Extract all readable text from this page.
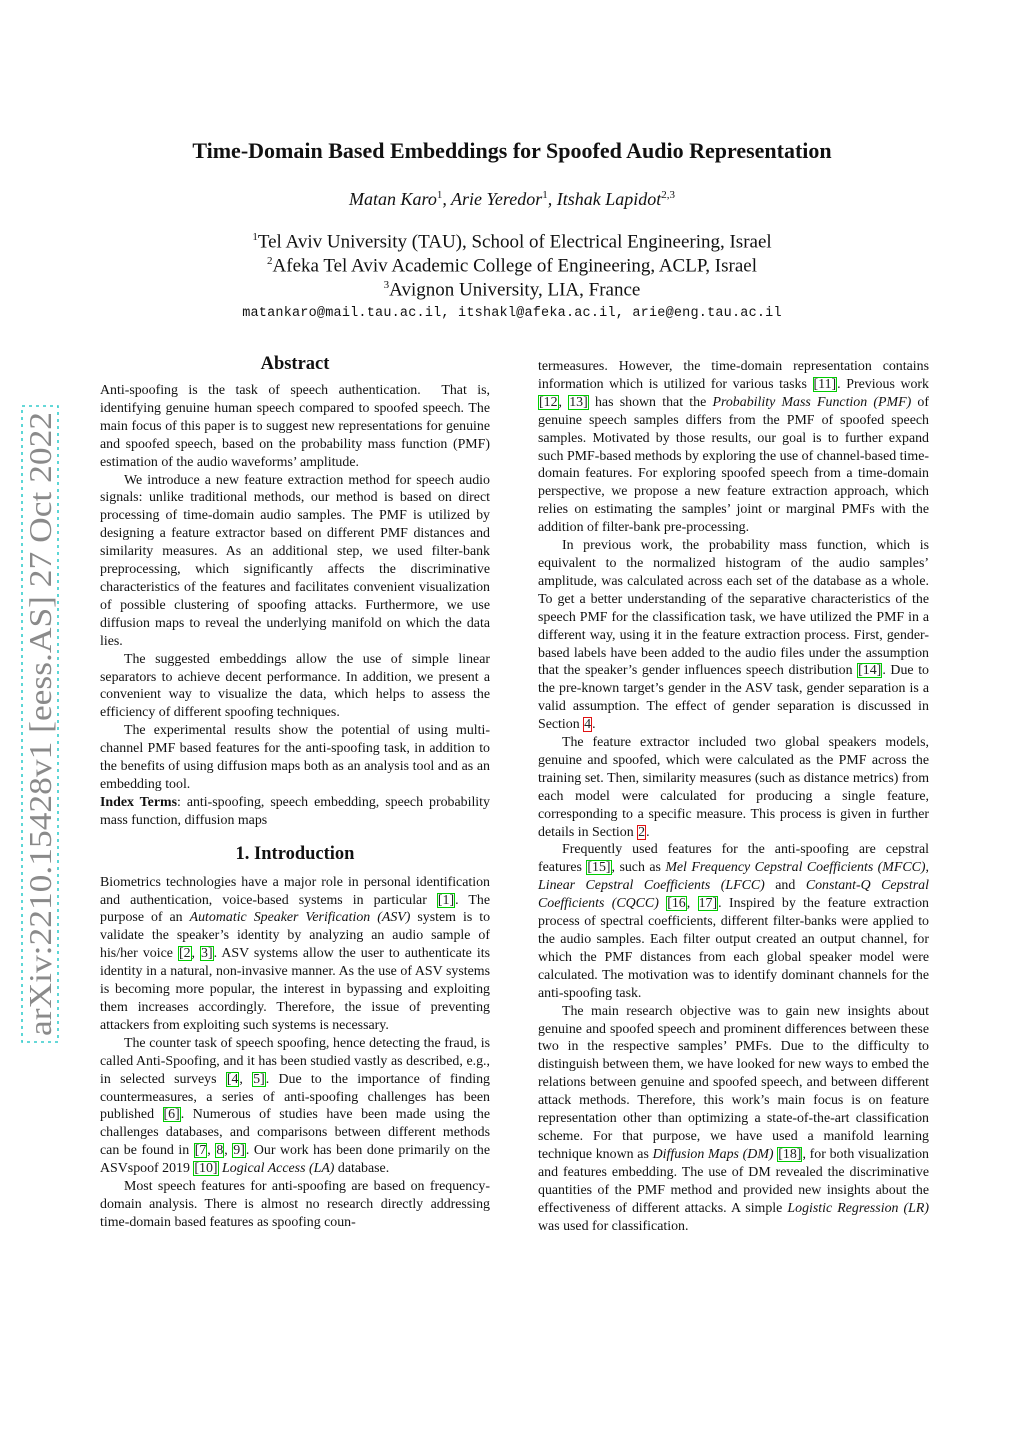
arXiv:2210.15428v1 [eess.AS] 27 Oct 2022
Time-Domain Based Embeddings for Spoofed Audio Representation
Matan Karo$^1$, Arie Yeredor$^1$, Itshak Lapidot$^{2,3}$
$^1$Tel Aviv University (TAU), School of Electrical Engineering, Israel
$^2$Afeka Tel Aviv Academic College of Engineering, ACLP, Israel
$^3$Avignon University, LIA, France
matankaro@mail.tau.ac.il, itshakl@afeka.ac.il, arie@eng.tau.ac.il
Abstract

Anti-spoofing is the task of speech authentication.  That is, identifying genuine human speech compared to spoofed speech. The main focus of this paper is to suggest new representations for genuine and spoofed speech, based on the probability mass function (PMF) estimation of the audio waveforms’ amplitude.

We introduce a new feature extraction method for speech audio signals: unlike traditional methods, our method is based on direct processing of time-domain audio samples. The PMF is utilized by designing a feature extractor based on different PMF distances and similarity measures. As an additional step, we used filter-bank preprocessing, which significantly affects the discriminative characteristics of the features and facilitates convenient visualization of possible clustering of spoofing attacks. Furthermore, we use diffusion maps to reveal the underlying manifold on which the data lies.

The suggested embeddings allow the use of simple linear separators to achieve decent performance. In addition, we present a convenient way to visualize the data, which helps to assess the efficiency of different spoofing techniques.

The experimental results show the potential of using multi-channel PMF based features for the anti-spoofing task, in addition to the benefits of using diffusion maps both as an analysis tool and as an embedding tool.

Index Terms: anti-spoofing, speech embedding, speech probability mass function, diffusion maps

1. Introduction

Biometrics technologies have a major role in personal identification and authentication, voice-based systems in particular [1]. The purpose of an Automatic Speaker Verification (ASV) system is to validate the speaker’s identity by analyzing an audio sample of his/her voice [2, 3]. ASV systems allow the user to authenticate its identity in a natural, non-invasive manner. As the use of ASV systems is becoming more popular, the interest in bypassing and exploiting them increases accordingly. Therefore, the issue of preventing attackers from exploiting such systems is necessary.

The counter task of speech spoofing, hence detecting the fraud, is called Anti-Spoofing, and it has been studied vastly as described, e.g., in selected surveys [4, 5]. Due to the importance of finding countermeasures, a series of anti-spoofing challenges has been published [6]. Numerous of studies have been made using the challenges databases, and comparisons between different methods can be found in [7, 8, 9]. Our work has been done primarily on the ASVspoof 2019 [10] Logical Access (LA) database.

Most speech features for anti-spoofing are based on frequency-domain analysis. There is almost no research directly addressing time-domain based features as spoofing coun-

termeasures. However, the time-domain representation contains information which is utilized for various tasks [11]. Previous work [12, 13] has shown that the Probability Mass Function (PMF) of genuine speech samples differs from the PMF of spoofed speech samples. Motivated by those results, our goal is to further expand such PMF-based methods by exploring the use of channel-based time-domain features. For exploring spoofed speech from a time-domain perspective, we propose a new feature extraction approach, which relies on estimating the samples’ joint or marginal PMFs with the addition of filter-bank pre-processing.

In previous work, the probability mass function, which is equivalent to the normalized histogram of the audio samples’ amplitude, was calculated across each set of the database as a whole. To get a better understanding of the separative characteristics of the speech PMF for the classification task, we have utilized the PMF in a different way, using it in the feature extraction process. First, gender-based labels have been added to the audio files under the assumption that the speaker’s gender influences speech distribution [14]. Due to the pre-known target’s gender in the ASV task, gender separation is a valid assumption. The effect of gender separation is discussed in Section 4.

The feature extractor included two global speakers models, genuine and spoofed, which were calculated as the PMF across the training set. Then, similarity measures (such as distance metrics) from each model were calculated for producing a single feature, corresponding to a specific measure. This process is given in further details in Section 2.

Frequently used features for the anti-spoofing are cepstral features [15], such as Mel Frequency Cepstral Coefficients (MFCC), Linear Cepstral Coefficients (LFCC) and Constant-Q Cepstral Coefficients (CQCC) [16, 17]. Inspired by the feature extraction process of spectral coefficients, different filter-banks were applied to the audio samples. Each filter output created an output channel, for which the PMF distances from each global speaker model were calculated. The motivation was to identify dominant channels for the anti-spoofing task.

The main research objective was to gain new insights about genuine and spoofed speech and prominent differences between these two in the respective samples’ PMFs. Due to the difficulty to distinguish between them, we have looked for new ways to embed the relations between genuine and spoofed speech, and between different attack methods. Therefore, this work’s main focus is on feature representation other than optimizing a state-of-the-art classification scheme. For that purpose, we have used a manifold learning technique known as Diffusion Maps (DM) [18], for both visualization and features embedding. The use of DM revealed the discriminative quantities of the PMF method and provided new insights about the effectiveness of different attacks. A simple Logistic Regression (LR) was used for classification.
